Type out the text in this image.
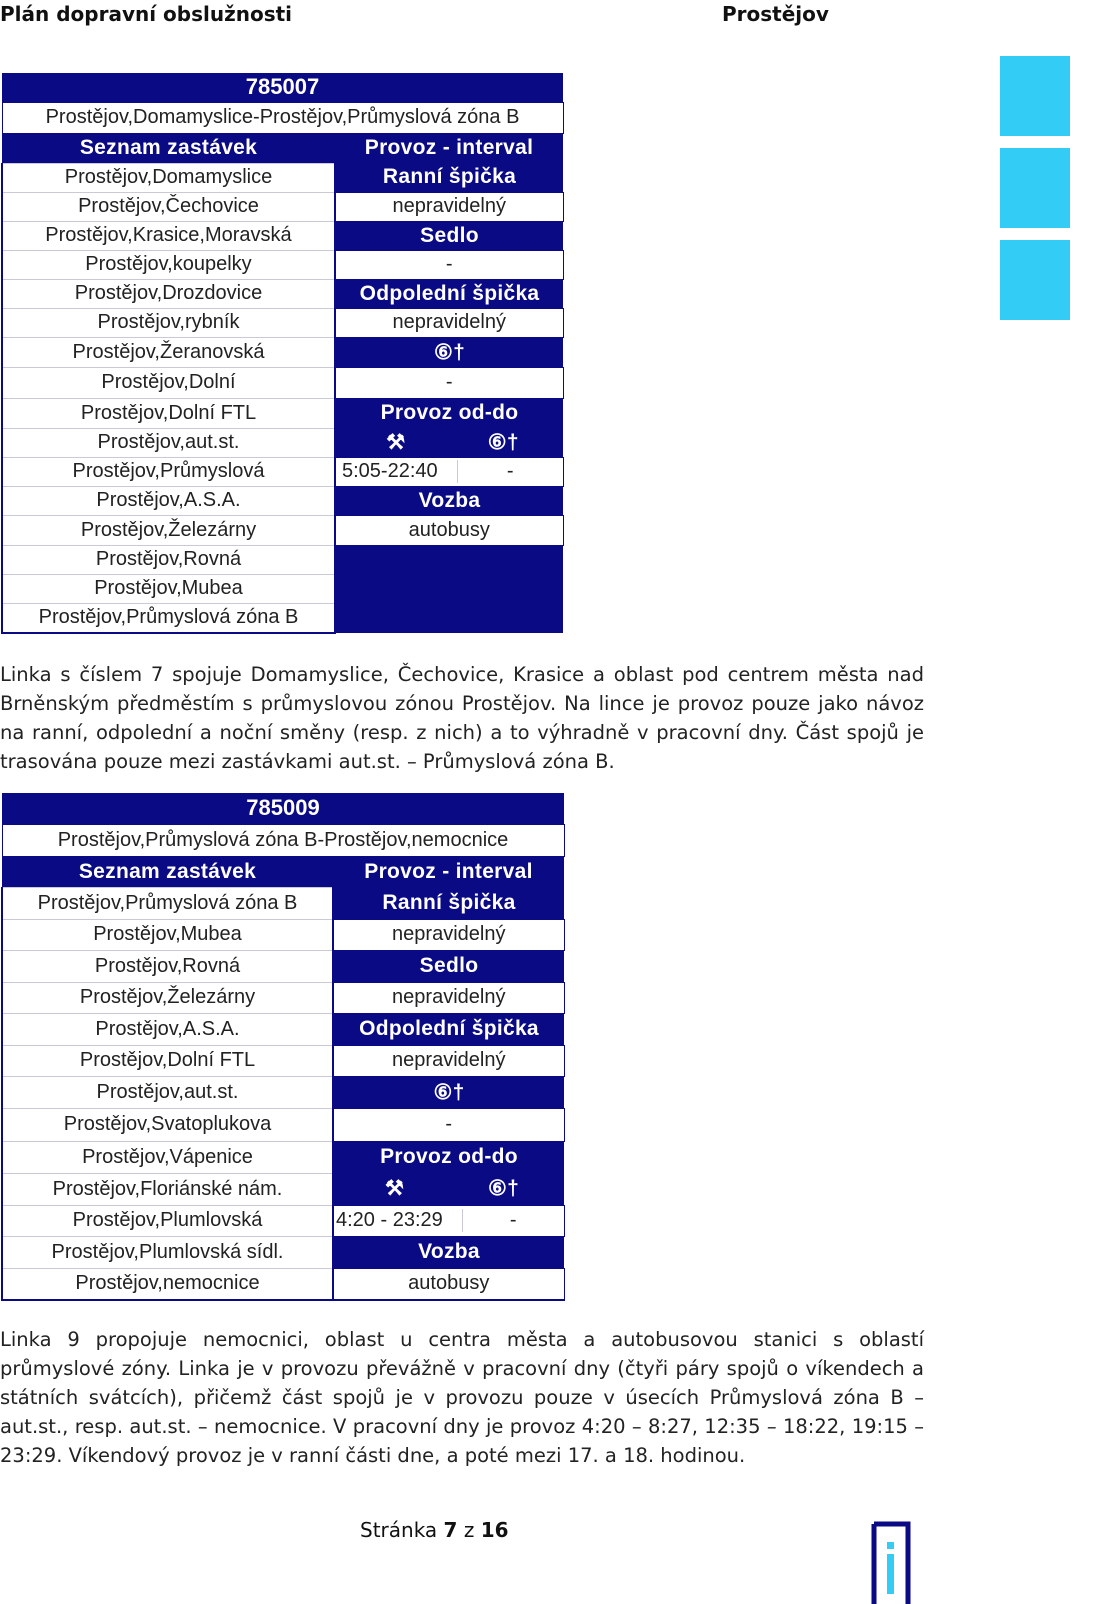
Plán dopravní obslužnosti	Prostějov
785007	
Prostějov,Domamyslice-Prostějov,Průmyslová zóna B	
Seznam zastávek	Provoz - interval
Prostějov,Domamyslice	Ranní špička
Prostějov,Čechovice	nepravidelný
Prostějov,Krasice,Moravská	Sedlo
Prostějov,koupelky	-
Prostějov,Drozdovice	Odpolední špička
Prostějov,rybník	nepravidelný
Prostějov,Žeranovská	⑥†
Prostějov,Dolní	-
Prostějov,Dolní FTL	Provoz od-do
Prostějov,aut.st.	⚒ ⑥†

Prostějov,Průmyslová	5:05-22:40 -

Prostějov,A.S.A.	Vozba
Prostějov,Železárny	autobusy
Prostějov,Rovná	
Prostějov,Mubea	
Prostějov,Průmyslová zóna B	
Linka s číslem 7 spojuje Domamyslice, Čechovice, Krasice a oblast pod centrem města nad Brněnským předměstím s průmyslovou zónou Prostějov. Na lince je provoz pouze jako návoz na ranní, odpolední a noční směny (resp. z nich) a to výhradně v pracovní dny. Část spojů je trasována pouze mezi zastávkami aut.st. – Průmyslová zóna B.
785009	
Prostějov,Průmyslová zóna B-Prostějov,nemocnice	
Seznam zastávek	Provoz - interval
Prostějov,Průmyslová zóna B	Ranní špička
Prostějov,Mubea	nepravidelný
Prostějov,Rovná	Sedlo
Prostějov,Železárny	nepravidelný
Prostějov,A.S.A.	Odpolední špička
Prostějov,Dolní FTL	nepravidelný
Prostějov,aut.st.	⑥†
Prostějov,Svatoplukova	-
Prostějov,Vápenice	Provoz od-do
Prostějov,Floriánské nám.	⚒ ⑥†

Prostějov,Plumlovská	4:20 - 23:29 -

Prostějov,Plumlovská sídl.	Vozba
Prostějov,nemocnice	autobusy
Linka 9 propojuje nemocnici, oblast u centra města a autobusovou stanici s oblastí průmyslové zóny. Linka je v provozu převážně v pracovní dny (čtyři páry spojů o víkendech a státních svátcích), přičemž část spojů je v provozu pouze v úsecích Průmyslová zóna B – aut.st., resp. aut.st. – nemocnice. V pracovní dny je provoz 4:20 – 8:27, 12:35 – 18:22, 19:15 – 23:29. Víkendový provoz je v ranní části dne, a poté mezi 17. a 18. hodinou.
Stránka 7 z 16
